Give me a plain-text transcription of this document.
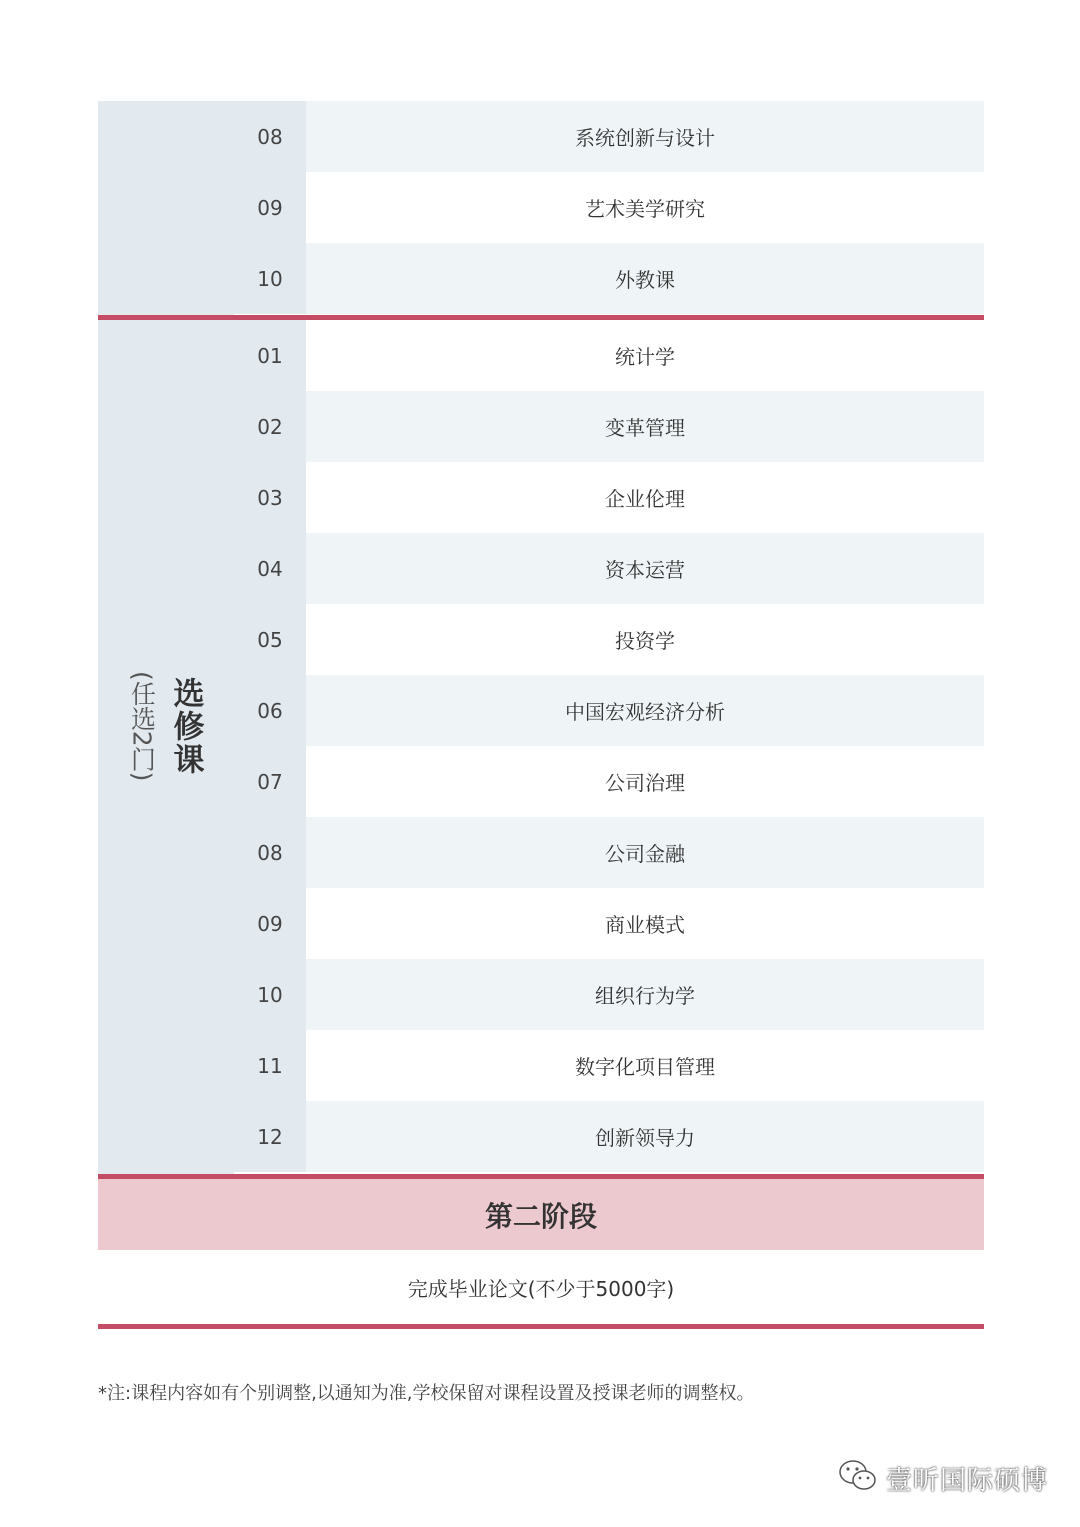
08	系统创新与设计
09	艺术美学研究
10	外教课
选修课
(任选2门)
01	统计学
02	变革管理
03	企业伦理
04	资本运营
05	投资学
06	中国宏观经济分析
07	公司治理
08	公司金融
09	商业模式
10	组织行为学
11	数字化项目管理
12	创新领导力
第二阶段
完成毕业论文(不少于5000字)
*注:课程内容如有个别调整,以通知为准,学校保留对课程设置及授课老师的调整权。
壹昕国际硕博
